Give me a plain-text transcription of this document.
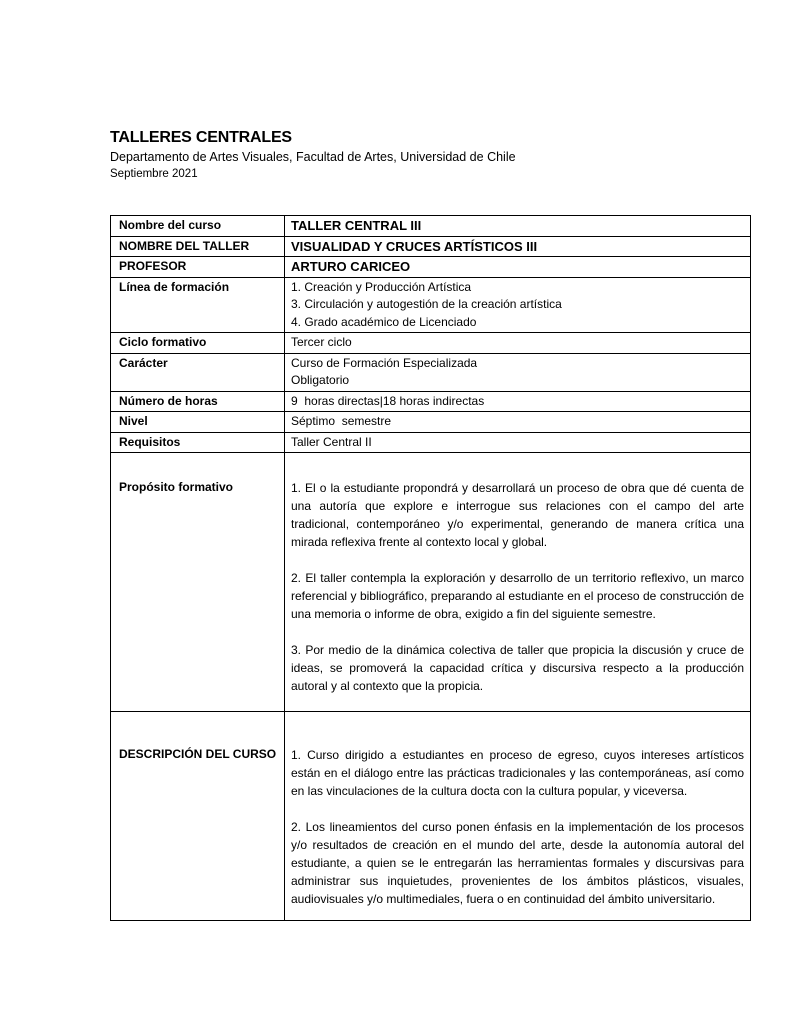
TALLERES CENTRALES
Departamento de Artes Visuales, Facultad de Artes, Universidad de Chile
Septiembre 2021
Nombre del curso	TALLER CENTRAL III
NOMBRE DEL TALLER	VISUALIDAD Y CRUCES ARTÍSTICOS III
PROFESOR	ARTURO CARICEO
Línea de formación	1. Creación y Producción Artística
3. Circulación y autogestión de la creación artística
4. Grado académico de Licenciado

Ciclo formativo	Tercer ciclo
Carácter	Curso de Formación Especializada
Obligatorio

Número de horas	9  horas directas|18 horas indirectas
Nivel	Séptimo  semestre
Requisitos	Taller Central II
Propósito formativo	1. El o la estudiante propondrá y desarrollará un proceso de obra que dé cuenta de una autoría que explore e interrogue sus relaciones con el campo del arte tradicional, contemporáneo y/o experimental, generando de manera crítica una mirada reflexiva frente al contexto local y global.

2. El taller contempla la exploración y desarrollo de un territorio reflexivo, un marco referencial y bibliográfico, preparando al estudiante en el proceso de construcción de una memoria o informe de obra, exigido a fin del siguiente semestre.

3. Por medio de la dinámica colectiva de taller que propicia la discusión y cruce de ideas, se promoverá la capacidad crítica y discursiva respecto a la producción autoral y al contexto que la propicia.

DESCRIPCIÓN DEL CURSO	1. Curso dirigido a estudiantes en proceso de egreso, cuyos intereses artísticos están en el diálogo entre las prácticas tradicionales y las contemporáneas, así como en las vinculaciones de la cultura docta con la cultura popular, y viceversa.

2. Los lineamientos del curso ponen énfasis en la implementación de los procesos y/o resultados de creación en el mundo del arte, desde la autonomía autoral del estudiante, a quien se le entregarán las herramientas formales y discursivas para administrar sus inquietudes, provenientes de los ámbitos plásticos, visuales, audiovisuales y/o multimediales, fuera o en continuidad del ámbito universitario.
